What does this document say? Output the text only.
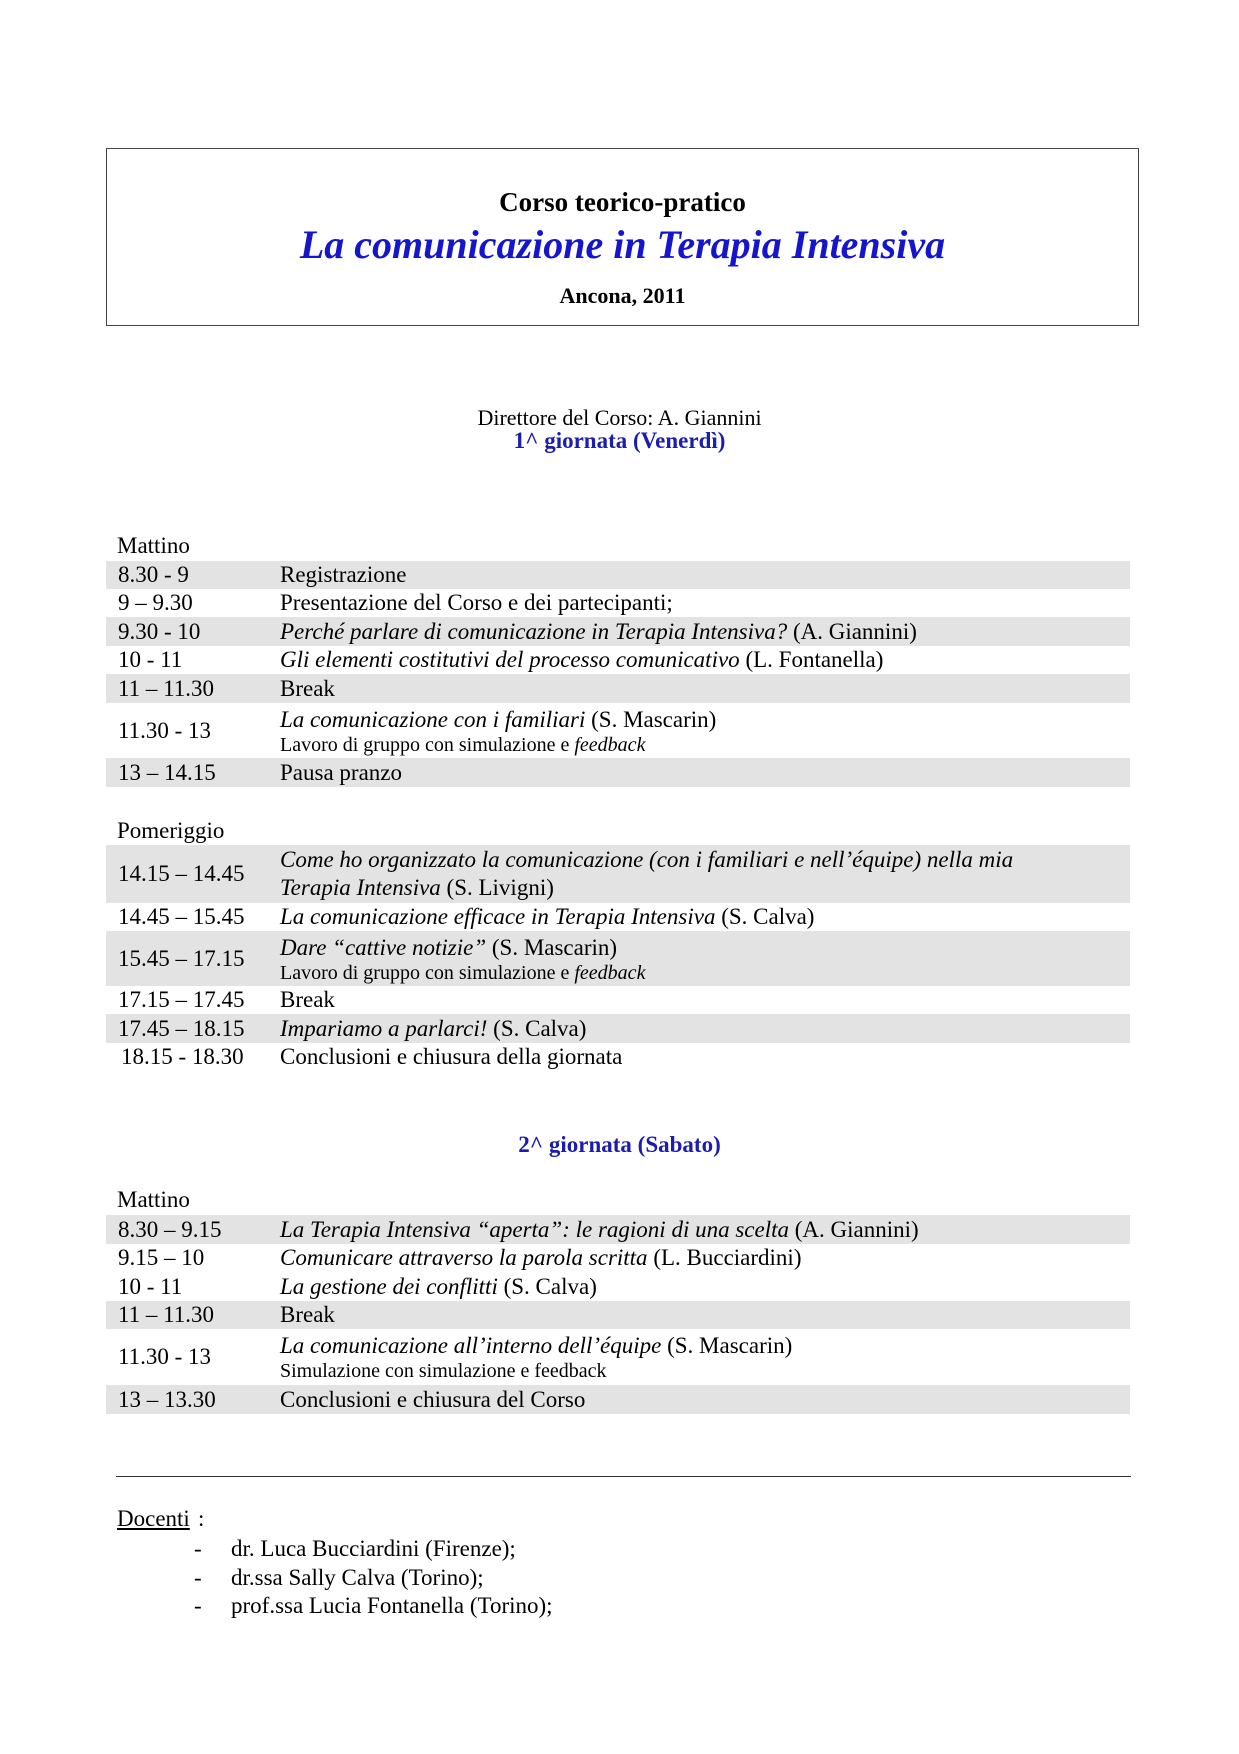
Corso teorico-pratico
La comunicazione in Terapia Intensiva
Ancona, 2011
Direttore del Corso: A. Giannini
1^ giornata (Venerdì)
Mattino
8.30 - 9	Registrazione
9 – 9.30	Presentazione del Corso e dei partecipanti;
9.30 - 10	Perché parlare di comunicazione in Terapia Intensiva? (A. Giannini)
10 - 11	Gli elementi costitutivi del processo comunicativo (L. Fontanella)
11 – 11.30	Break
11.30 - 13	La comunicazione con i familiari (S. Mascarin)
Lavoro di gruppo con simulazione e feedback
13 – 14.15	Pausa pranzo
Pomeriggio
14.15 – 14.45
Come ho organizzato la comunicazione (con i familiari e nell’équipe) nella mia
Terapia Intensiva (S. Livigni)
14.45 – 15.45 La comunicazione efficace in Terapia Intensiva (S. Calva)
15.45 – 17.15 Dare “cattive notizie” (S. Mascarin)
Lavoro di gruppo con simulazione e feedback
17.15 – 17.45 Break
17.45 – 18.15 Impariamo a parlarci! (S. Calva)
18.15 - 18.30 Conclusioni e chiusura della giornata
2^ giornata (Sabato)
Mattino
8.30 – 9.15	La Terapia Intensiva “aperta”: le ragioni di una scelta (A. Giannini)
9.15 – 10	Comunicare attraverso la parola scritta (L. Bucciardini)
10 - 11	La gestione dei conflitti (S. Calva)
11 – 11.30	Break
11.30 - 13	La comunicazione all’interno dell’équipe (S. Mascarin)
Simulazione con simulazione e feedback
13 – 13.30	Conclusioni e chiusura del Corso
Docenti :
- dr. Luca Bucciardini (Firenze);
- dr.ssa Sally Calva (Torino);
- prof.ssa Lucia Fontanella (Torino);
